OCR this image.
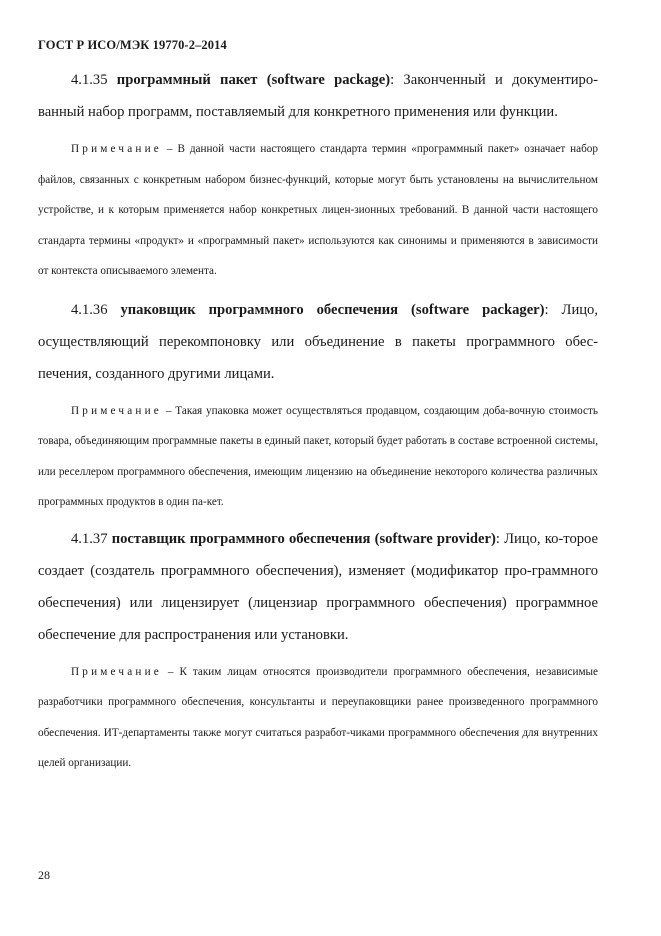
ГОСТ Р ИСО/МЭК 19770-2–2014

4.1.35 программный пакет (software package): Законченный и документиро-ванный набор программ, поставляемый для конкретного применения или функции.

Примечание – В данной части настоящего стандарта термин «программный пакет» означает набор файлов, связанных с конкретным набором бизнес-функций, которые могут быть установлены на вычислительном устройстве, и к которым применяется набор конкретных лицен-зионных требований. В данной части настоящего стандарта термины «продукт» и «программный пакет» используются как синонимы и применяются в зависимости от контекста описываемого элемента.

4.1.36 упаковщик программного обеспечения (software packager): Лицо, осуществляющий перекомпоновку или объединение в пакеты программного обес-печения, созданного другими лицами.

Примечание – Такая упаковка может осуществляться продавцом, создающим доба-вочную стоимость товара, объединяющим программные пакеты в единый пакет, который будет работать в составе встроенной системы, или реселлером программного обеспечения, имеющим лицензию на объединение некоторого количества различных программных продуктов в один па-кет.

4.1.37 поставщик программного обеспечения (software provider): Лицо, ко-торое создает (создатель программного обеспечения), изменяет (модификатор про-граммного обеспечения) или лицензирует (лицензиар программного обеспечения) программное обеспечение для распространения или установки.

Примечание – К таким лицам относятся производители программного обеспечения, независимые разработчики программного обеспечения, консультанты и переупаковщики ранее произведенного программного обеспечения. ИТ-департаменты также могут считаться разработ-чиками программного обеспечения для внутренних целей организации.

28
